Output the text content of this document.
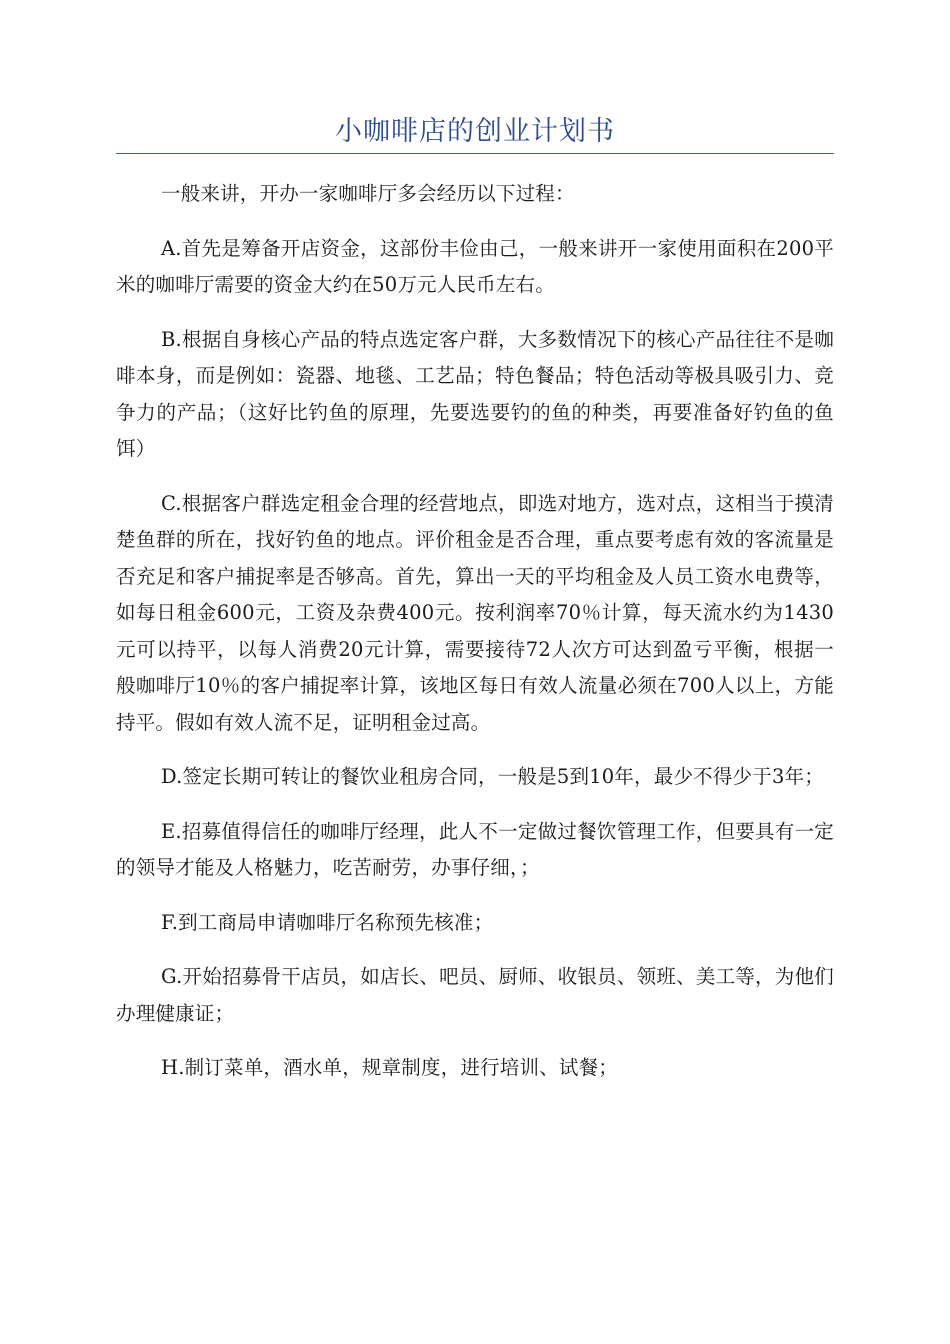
小咖啡店的创业计划书

一般来讲，开办一家咖啡厅多会经历以下过程：

A.首先是筹备开店资金，这部份丰俭由己，一般来讲开一家使用面积在200平米的咖啡厅需要的资金大约在50万元人民币左右。

B.根据自身核心产品的特点选定客户群，大多数情况下的核心产品往往不是咖啡本身，而是例如：瓷器、地毯、工艺品；特色餐品；特色活动等极具吸引力、竞争力的产品；（这好比钓鱼的原理，先要选要钓的鱼的种类，再要准备好钓鱼的鱼饵）

C.根据客户群选定租金合理的经营地点，即选对地方，选对点，这相当于摸清楚鱼群的所在，找好钓鱼的地点。评价租金是否合理，重点要考虑有效的客流量是否充足和客户捕捉率是否够高。首先，算出一天的平均租金及人员工资水电费等，如每日租金600元，工资及杂费400元。按利润率70％计算，每天流水约为1430元可以持平，以每人消费20元计算，需要接待72人次方可达到盈亏平衡，根据一般咖啡厅10％的客户捕捉率计算，该地区每日有效人流量必须在700人以上，方能持平。假如有效人流不足，证明租金过高。

D.签定长期可转让的餐饮业租房合同，一般是5到10年，最少不得少于3年；

E.招募值得信任的咖啡厅经理，此人不一定做过餐饮管理工作，但要具有一定的领导才能及人格魅力，吃苦耐劳，办事仔细，；

F.到工商局申请咖啡厅名称预先核准；

G.开始招募骨干店员，如店长、吧员、厨师、收银员、领班、美工等，为他们办理健康证；

H.制订菜单，酒水单，规章制度，进行培训、试餐；
